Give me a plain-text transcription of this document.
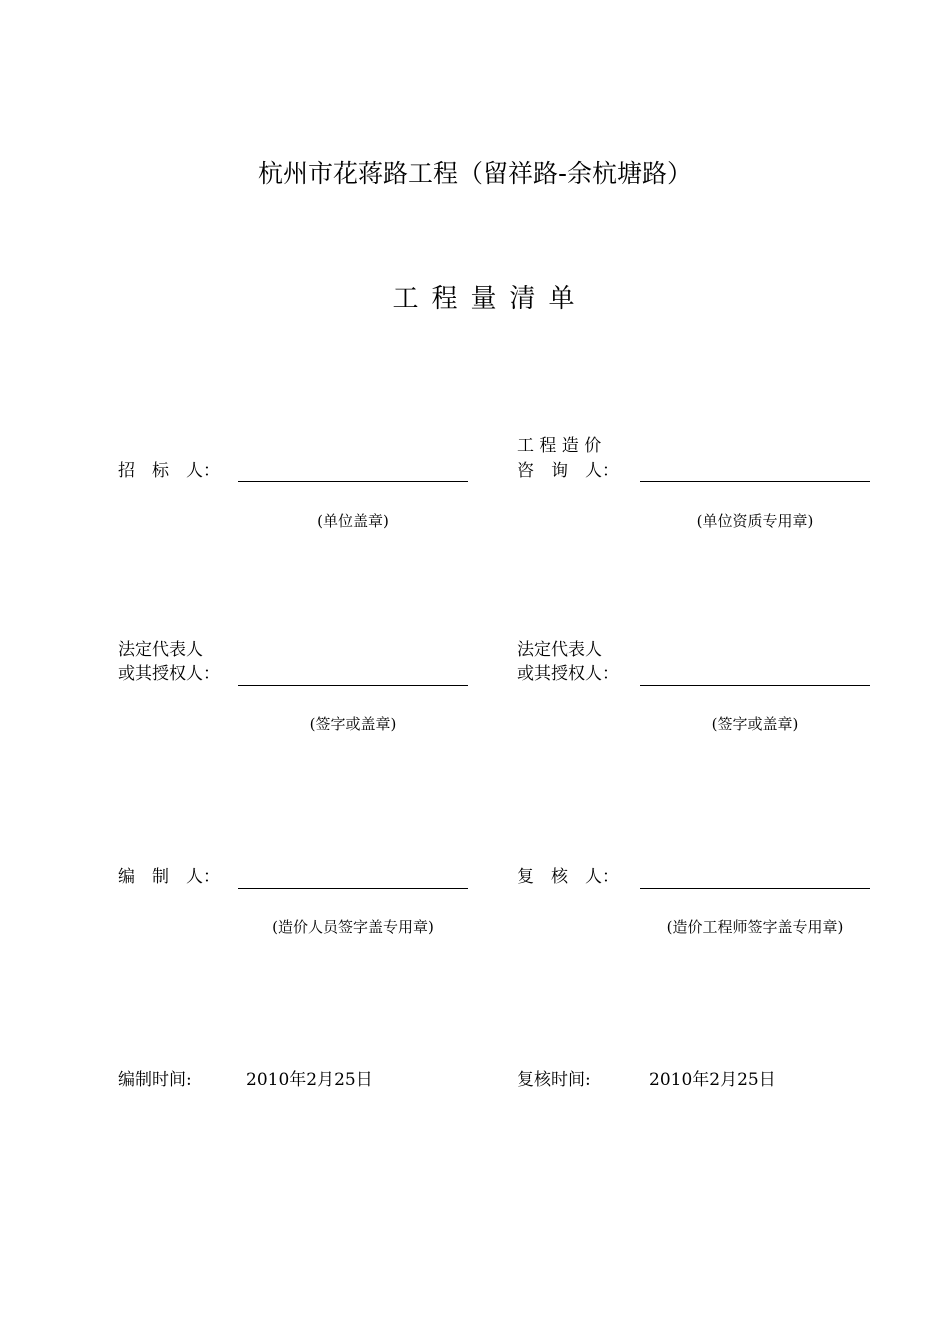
杭州市花蒋路工程（留祥路-余杭塘路）
工程量清单
招　标　人：
(单位盖章)
工 程 造 价
咨　询　人：
(单位资质专用章)
法定代表人
或其授权人：
(签字或盖章)
法定代表人
或其授权人：
(签字或盖章)
编　制　人：
(造价人员签字盖专用章)
复　核　人：
(造价工程师签字盖专用章)
编制时间:	2010年2月25日	复核时间:	2010年2月25日
